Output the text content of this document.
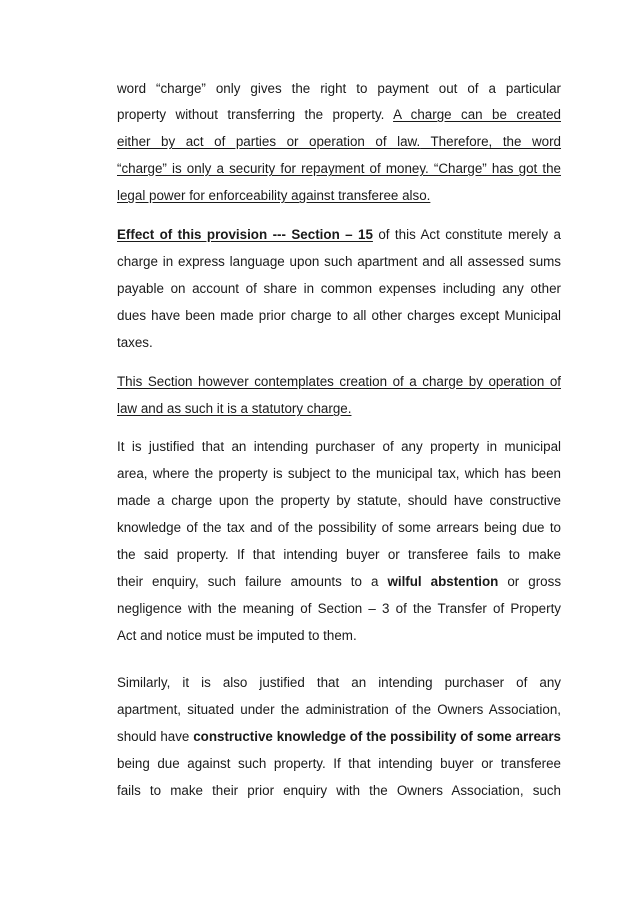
word “charge” only gives the right to payment out of a particular
property without transferring the property. A charge can be created
either by act of parties or operation of law. Therefore, the word
“charge” is only a security for repayment of money. “Charge” has got the
legal power for enforceability against transferee also.
Effect of this provision --- Section – 15 of this Act constitute merely a
charge in express language upon such apartment and all assessed sums
payable on account of share in common expenses including any other
dues have been made prior charge to all other charges except Municipal
taxes.
This Section however contemplates creation of a charge by operation of
law and as such it is a statutory charge.
It is justified that an intending purchaser of any property in municipal
area, where the property is subject to the municipal tax, which has been
made a charge upon the property by statute, should have constructive
knowledge of the tax and of the possibility of some arrears being due to
the said property. If that intending buyer or transferee fails to make
their enquiry, such failure amounts to a wilful abstention or gross
negligence with the meaning of Section – 3 of the Transfer of Property
Act and notice must be imputed to them.
Similarly, it is also justified that an intending purchaser of any
apartment, situated under the administration of the Owners Association,
should have constructive knowledge of the possibility of some arrears
being due against such property. If that intending buyer or transferee
fails to make their prior enquiry with the Owners Association, such
